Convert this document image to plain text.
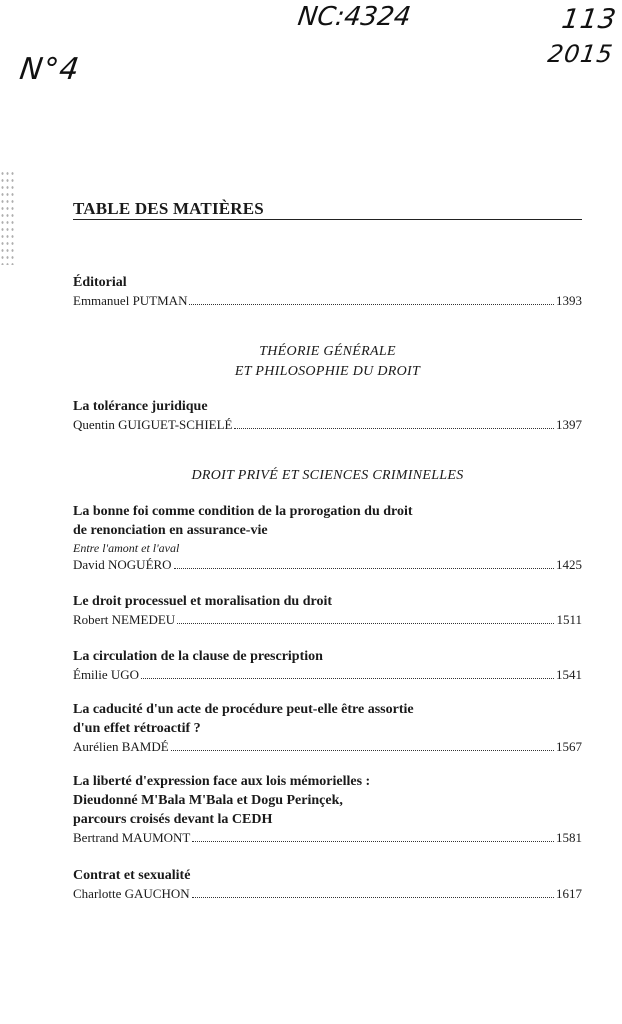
NC:4324
N°4
113
2015
TABLE DES MATIÈRES
Éditorial
Emmanuel PUTMAN	1393
THÉORIE GÉNÉRALE
ET PHILOSOPHIE DU DROIT
La tolérance juridique
Quentin GUIGUET-SCHIELÉ	1397
DROIT PRIVÉ ET SCIENCES CRIMINELLES
La bonne foi comme condition de la prorogation du droit
de renonciation en assurance-vie
Entre l'amont et l'aval
David NOGUÉRO	1425
Le droit processuel et moralisation du droit
Robert NEMEDEU	1511
La circulation de la clause de prescription
Émilie UGO	1541
La caducité d'un acte de procédure peut-elle être assortie
d'un effet rétroactif ?
Aurélien BAMDÉ	1567
La liberté d'expression face aux lois mémorielles :
Dieudonné M'Bala M'Bala et Dogu Perinçek,
parcours croisés devant la CEDH
Bertrand MAUMONT	1581
Contrat et sexualité
Charlotte GAUCHON	1617
